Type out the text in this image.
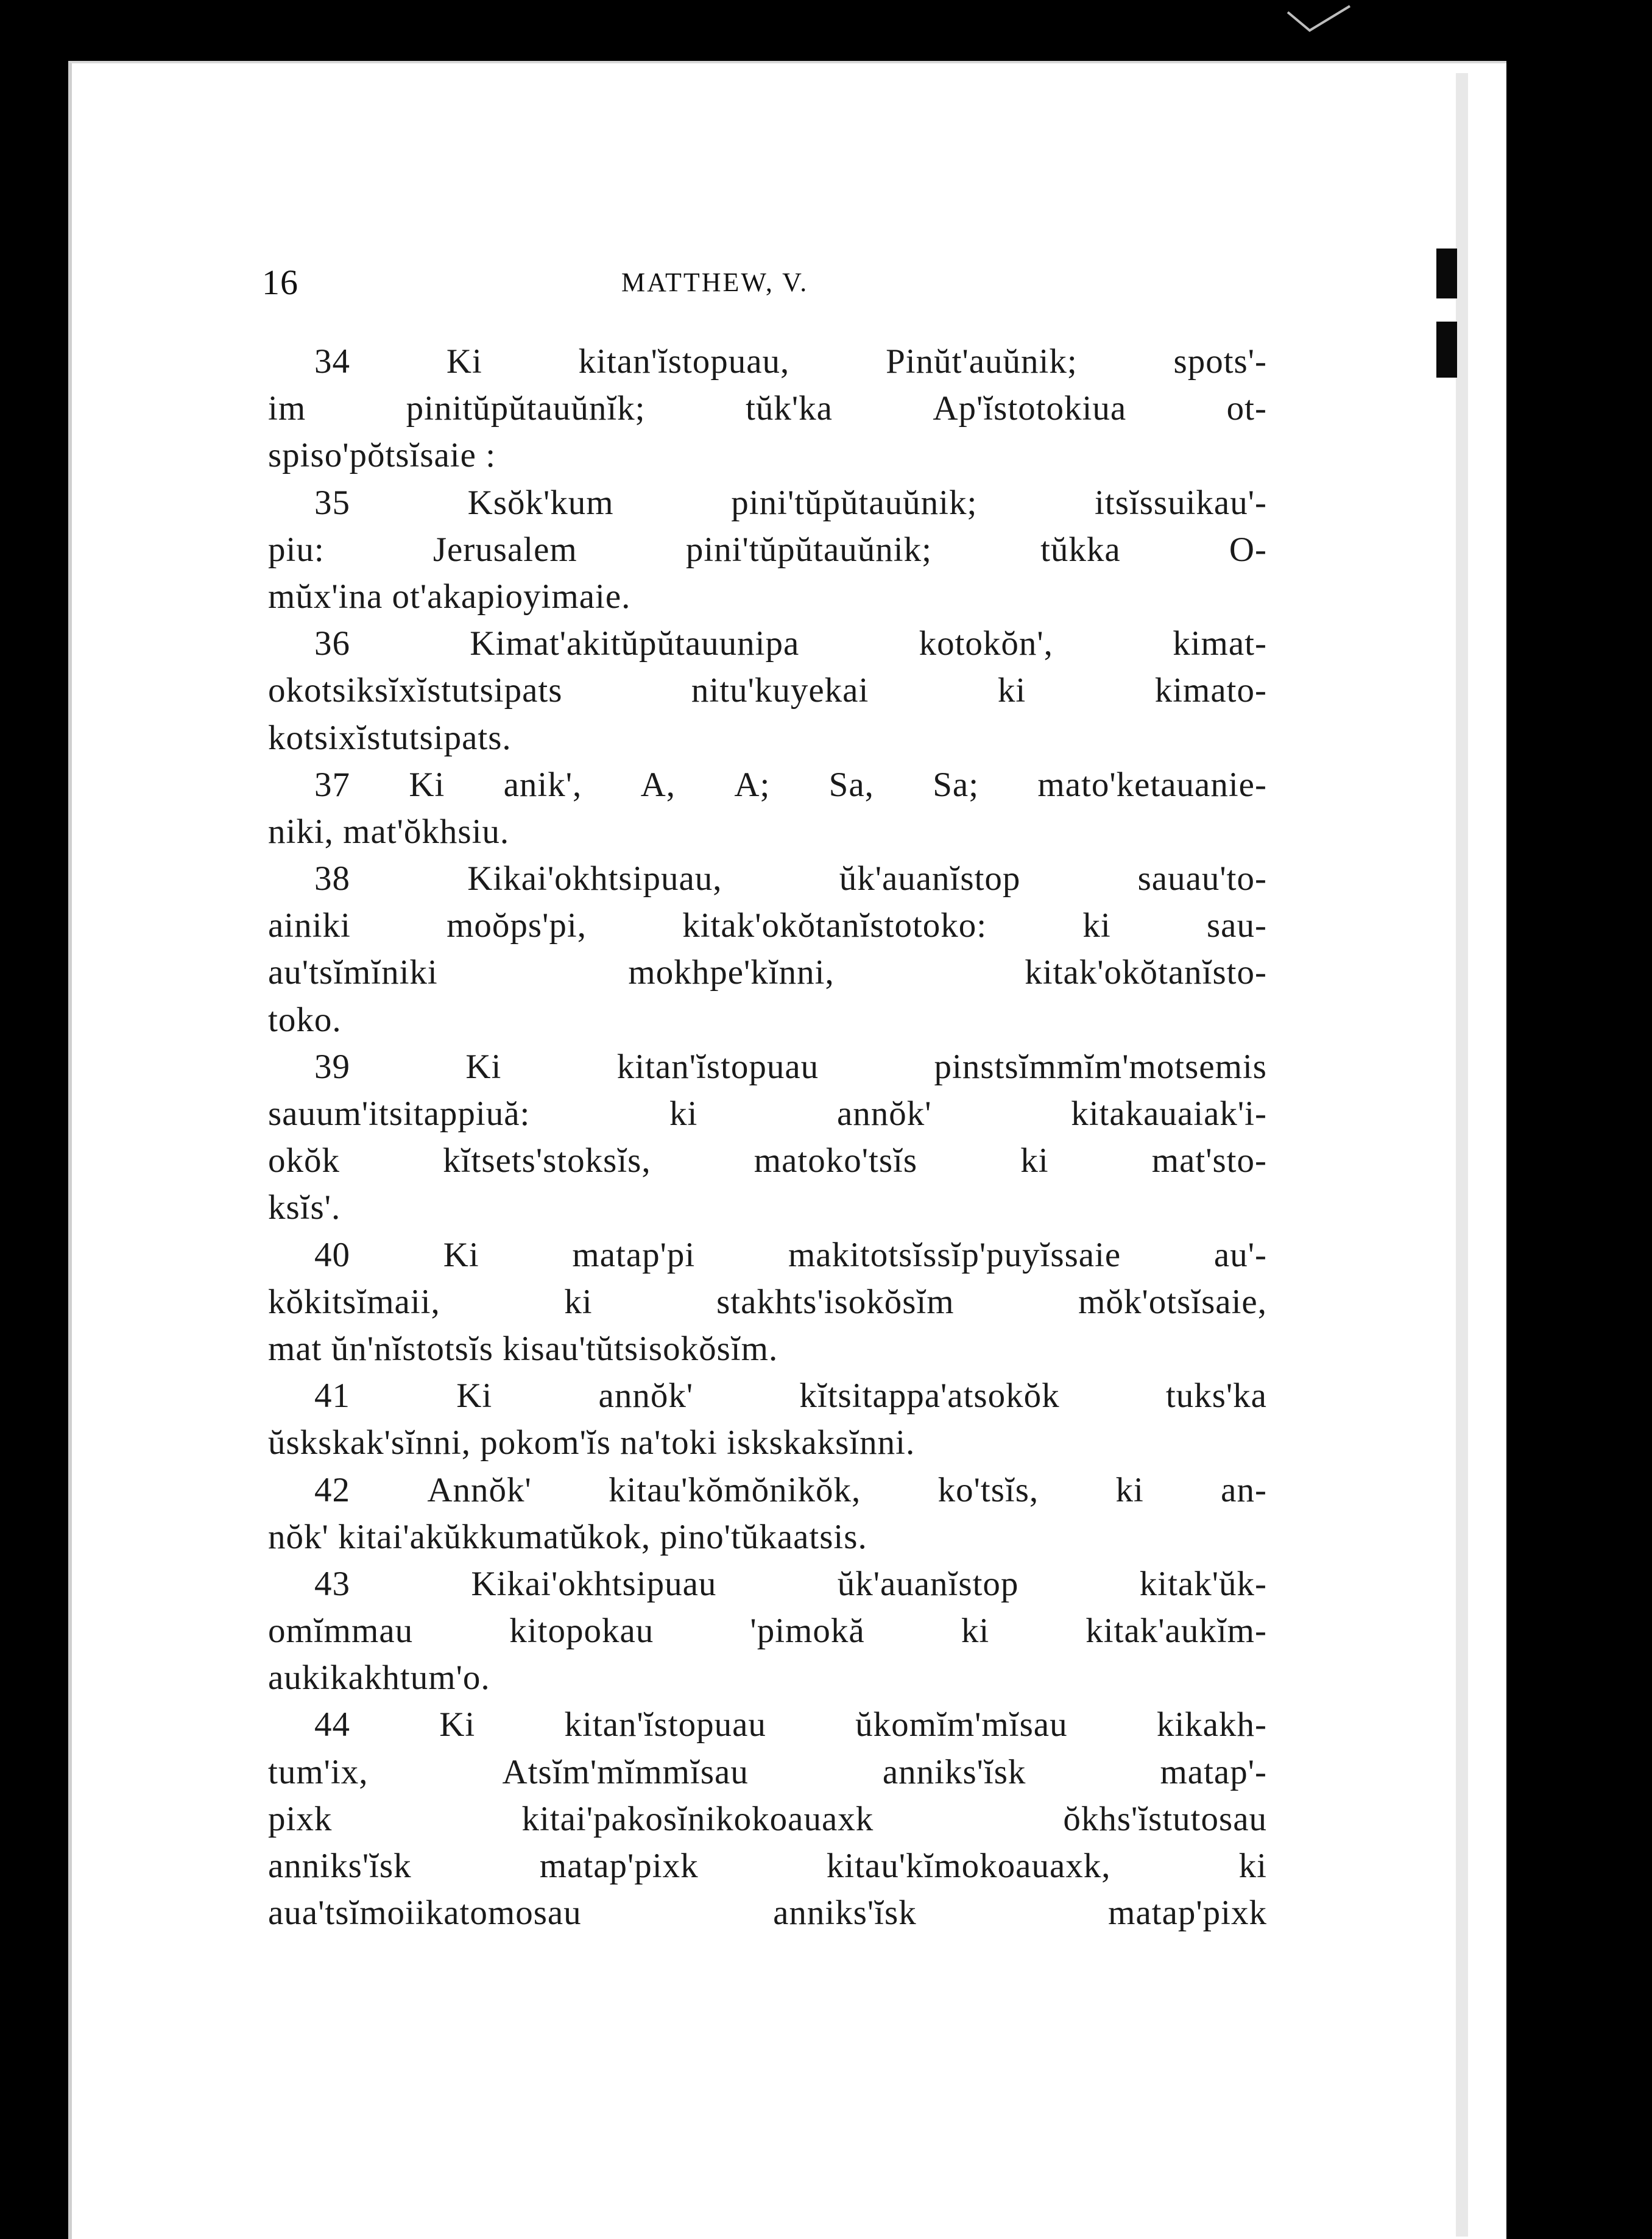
16	MATTHEW, V.
34	Ki	kitan'ĭstopuau,	Pinŭt'auŭnik;	spots'-
im	pinitŭpŭtauŭnĭk;	tŭk'ka	Ap'ĭstotokiua	ot-
spiso'pŏtsĭsaie :
35	Ksŏk'kum	pini'tŭpŭtauŭnik;	itsĭssuikau'-
piu:	Jerusalem	pini'tŭpŭtauŭnik;	tŭkka	O-
mŭx'ina ot'akapioyimaie.
36	Kimat'akitŭpŭtauunipa	kotokŏn',	kimat-
okotsiksĭxĭstutsipats	nitu'kuyekai	ki	kimato-
kotsixĭstutsipats.
37 Ki anik', A, A; Sa, Sa; mato'ketauanie-
niki, mat'ŏkhsiu.
38	Kikai'okhtsipuau,	ŭk'auanĭstop	sauau'to-
ainiki	moŏps'pi,	kitak'okŏtanĭstotoko:	ki	sau-
au'tsĭmĭniki	mokhpe'kĭnni,	kitak'okŏtanĭsto-
toko.
39	Ki	kitan'ĭstopuau	pinstsĭmmĭm'motsemis
sauum'itsitappiuă:	ki	annŏk'	kitakauaiak'i-
okŏk	kĭtsets'stoksĭs,	matoko'tsĭs	ki	mat'sto-
ksĭs'.
40	Ki	matap'pi	makitotsĭssĭp'puyĭssaie	au'-
kŏkitsĭmaii,	ki	stakhts'isokŏsĭm	mŏk'otsĭsaie,
mat ŭn'nĭstotsĭs kisau'tŭtsisokŏsĭm.
41	Ki	annŏk'	kĭtsitappa'atsokŏk	tuks'ka
ŭskskak'sĭnni, pokom'ĭs na'toki iskskaksĭnni.
42 Annŏk' kitau'kŏmŏnikŏk, ko'tsĭs, ki an-
nŏk' kitai'akŭkkumatŭkok, pino'tŭkaatsis.
43	Kikai'okhtsipuau	ŭk'auanĭstop	kitak'ŭk-
omĭmmau	kitopokau	'pimokă	ki	kitak'aukĭm-
aukikakhtum'o.
44	Ki	kitan'ĭstopuau	ŭkomĭm'mĭsau	kikakh-
tum'ix,	Atsĭm'mĭmmĭsau	anniks'ĭsk	matap'-
pixk	kitai'pakosĭnikokoauaxk	ŏkhs'ĭstutosau
anniks'ĭsk	matap'pixk	kitau'kĭmokoauaxk,	ki
aua'tsĭmoiikatomosau	anniks'ĭsk	matap'pixk
